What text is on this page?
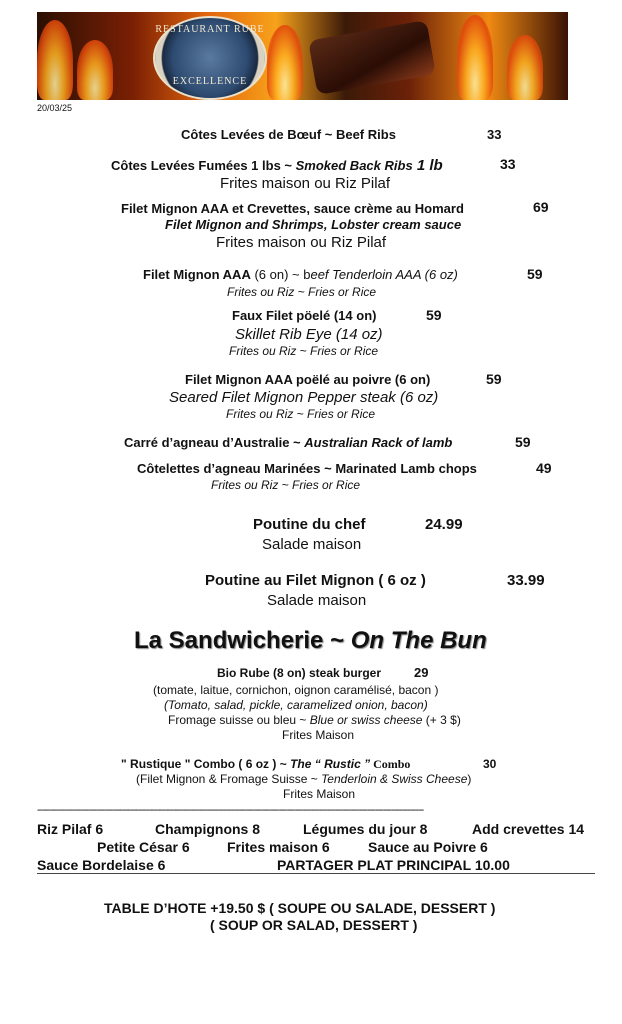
RESTAURANT RUBE
EXCELLENCE
20/03/25
Côtes Levées de Bœuf ~ Beef Ribs	33
Côtes Levées Fumées 1 lbs ~ Smoked Back Ribs 1 lb	33
Frites maison ou Riz Pilaf
Filet Mignon AAA et Crevettes, sauce crème au Homard	69
Filet Mignon and Shrimps, Lobster cream sauce
Frites maison ou Riz Pilaf
Filet Mignon AAA (6 on) ~ beef Tenderloin AAA (6 oz)	59
Frites ou Riz ~ Fries or Rice
Faux Filet pöelé (14 on)	59
Skillet Rib Eye (14 oz)
Frites ou Riz ~ Fries or Rice
Filet Mignon AAA poëlé au poivre (6 on)	59
Seared Filet Mignon Pepper steak (6 oz)
Frites ou Riz ~ Fries or Rice
Carré d’agneau d’Australie ~ Australian Rack of lamb	59
Côtelettes d’agneau Marinées ~ Marinated Lamb chops	49
Frites ou Riz ~ Fries or Rice
Poutine du chef	24.99
Salade maison
Poutine au Filet Mignon ( 6 oz )	33.99
Salade maison
La Sandwicherie ~ On The Bun
Bio Rube (8 on) steak burger	29
(tomate, laitue, cornichon, oignon caramélisé, bacon )
(Tomato, salad, pickle, caramelized onion, bacon)
Fromage suisse ou bleu ~ Blue or swiss cheese (+ 3 $)
Frites Maison
" Rustique " Combo ( 6 oz ) ~ The “ Rustic ” Combo	30
(Filet Mignon & Fromage Suisse ~ Tenderloin & Swiss Cheese)
Frites Maison
-------------------------------------------------------------------------------------------------------------------------------------------------
Riz Pilaf 6	Champignons 8	Légumes du jour 8	Add crevettes 14
Petite César 6	Frites maison 6	Sauce au Poivre 6
Sauce Bordelaise 6	PARTAGER PLAT PRINCIPAL 10.00
TABLE D’HOTE +19.50 $ ( SOUPE OU SALADE, DESSERT )
( SOUP OR SALAD, DESSERT )
